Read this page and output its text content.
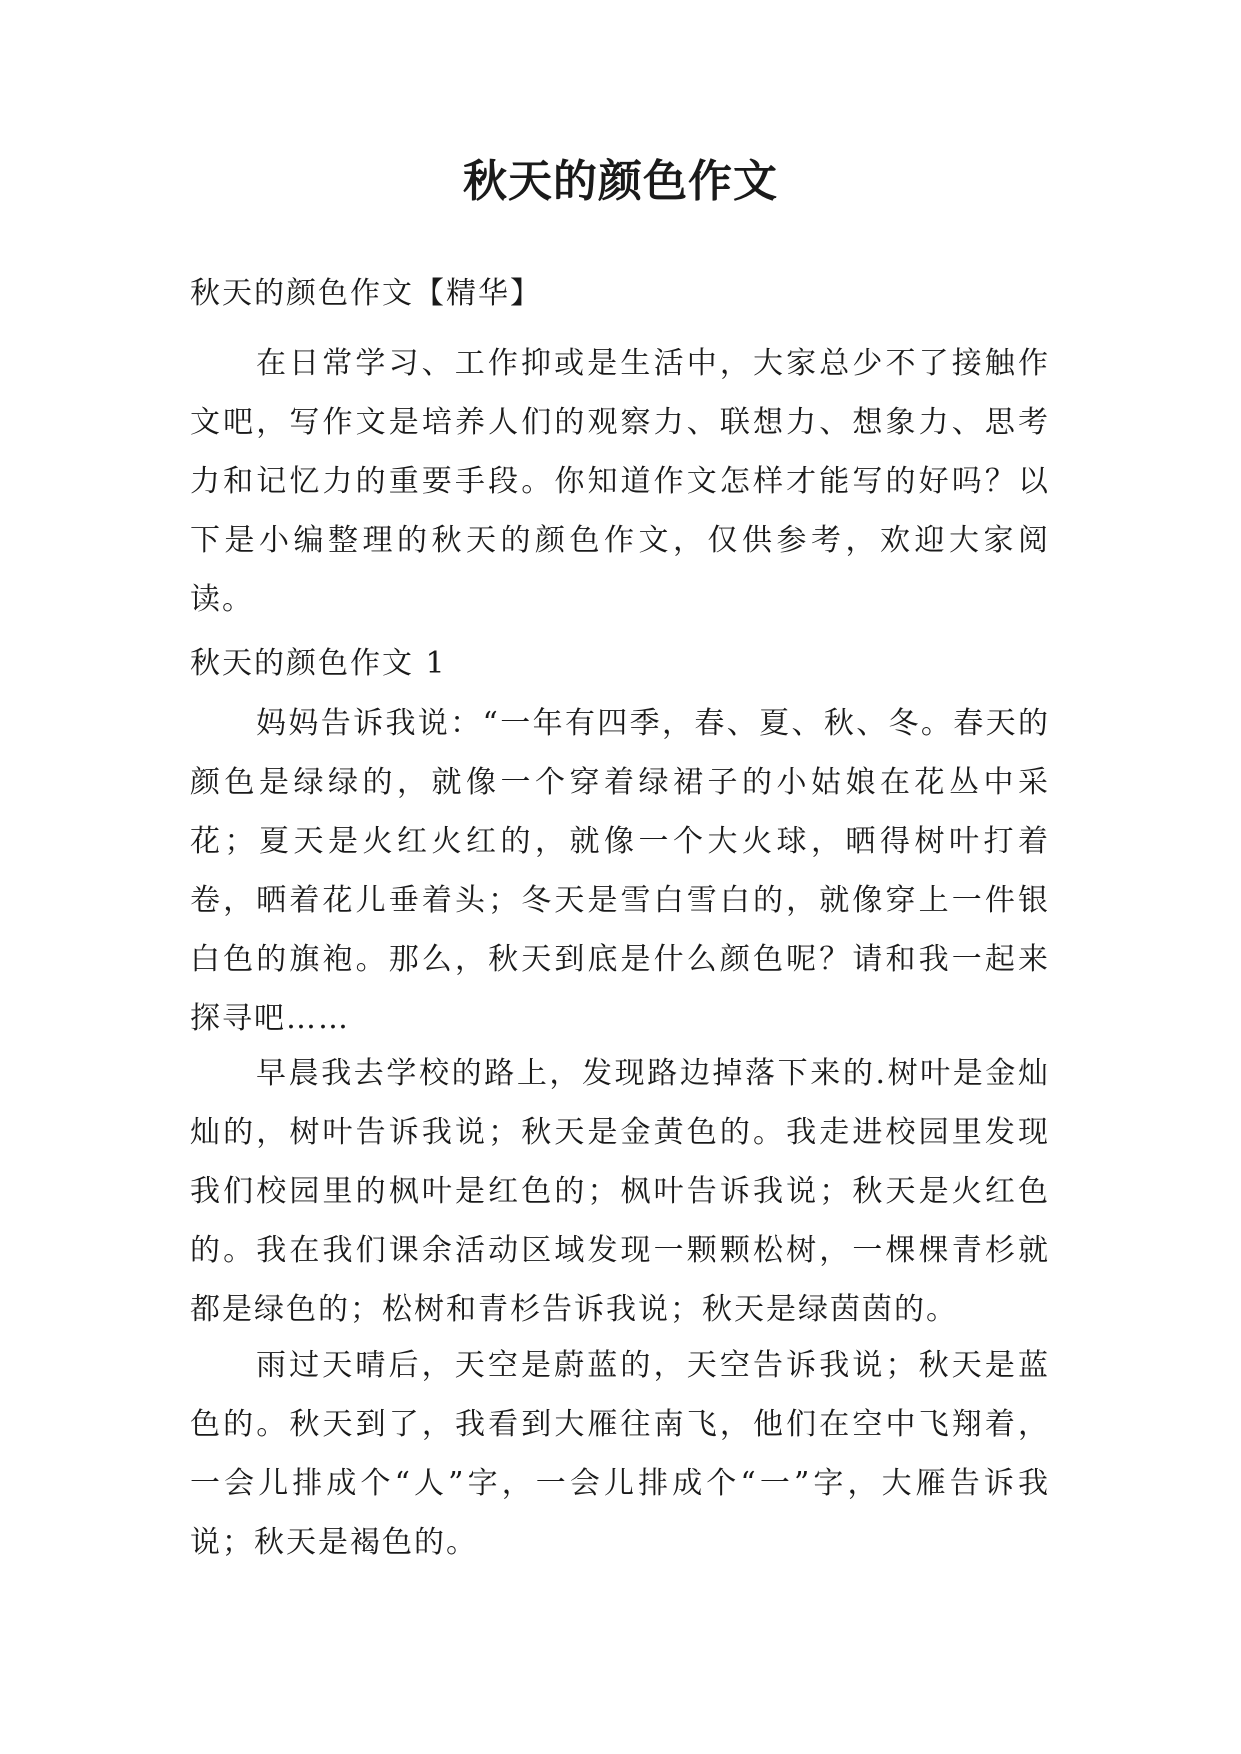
秋天的颜色作文

秋天的颜色作文【精华】

在日常学习、工作抑或是生活中，大家总少不了接触作文吧，写作文是培养人们的观察力、联想力、想象力、思考力和记忆力的重要手段。你知道作文怎样才能写的好吗？以下是小编整理的秋天的颜色作文，仅供参考，欢迎大家阅读。

秋天的颜色作文 1

妈妈告诉我说：“一年有四季，春、夏、秋、冬。春天的颜色是绿绿的，就像一个穿着绿裙子的小姑娘在花丛中采花；夏天是火红火红的，就像一个大火球，晒得树叶打着卷，晒着花儿垂着头；冬天是雪白雪白的，就像穿上一件银白色的旗袍。那么，秋天到底是什么颜色呢？请和我一起来探寻吧……

早晨我去学校的路上，发现路边掉落下来的.树叶是金灿灿的，树叶告诉我说；秋天是金黄色的。我走进校园里发现我们校园里的枫叶是红色的；枫叶告诉我说；秋天是火红色的。我在我们课余活动区域发现一颗颗松树，一棵棵青杉就都是绿色的；松树和青杉告诉我说；秋天是绿茵茵的。

雨过天晴后，天空是蔚蓝的，天空告诉我说；秋天是蓝色的。秋天到了，我看到大雁往南飞，他们在空中飞翔着，一会儿排成个“人”字，一会儿排成个“一”字，大雁告诉我说；秋天是褐色的。
